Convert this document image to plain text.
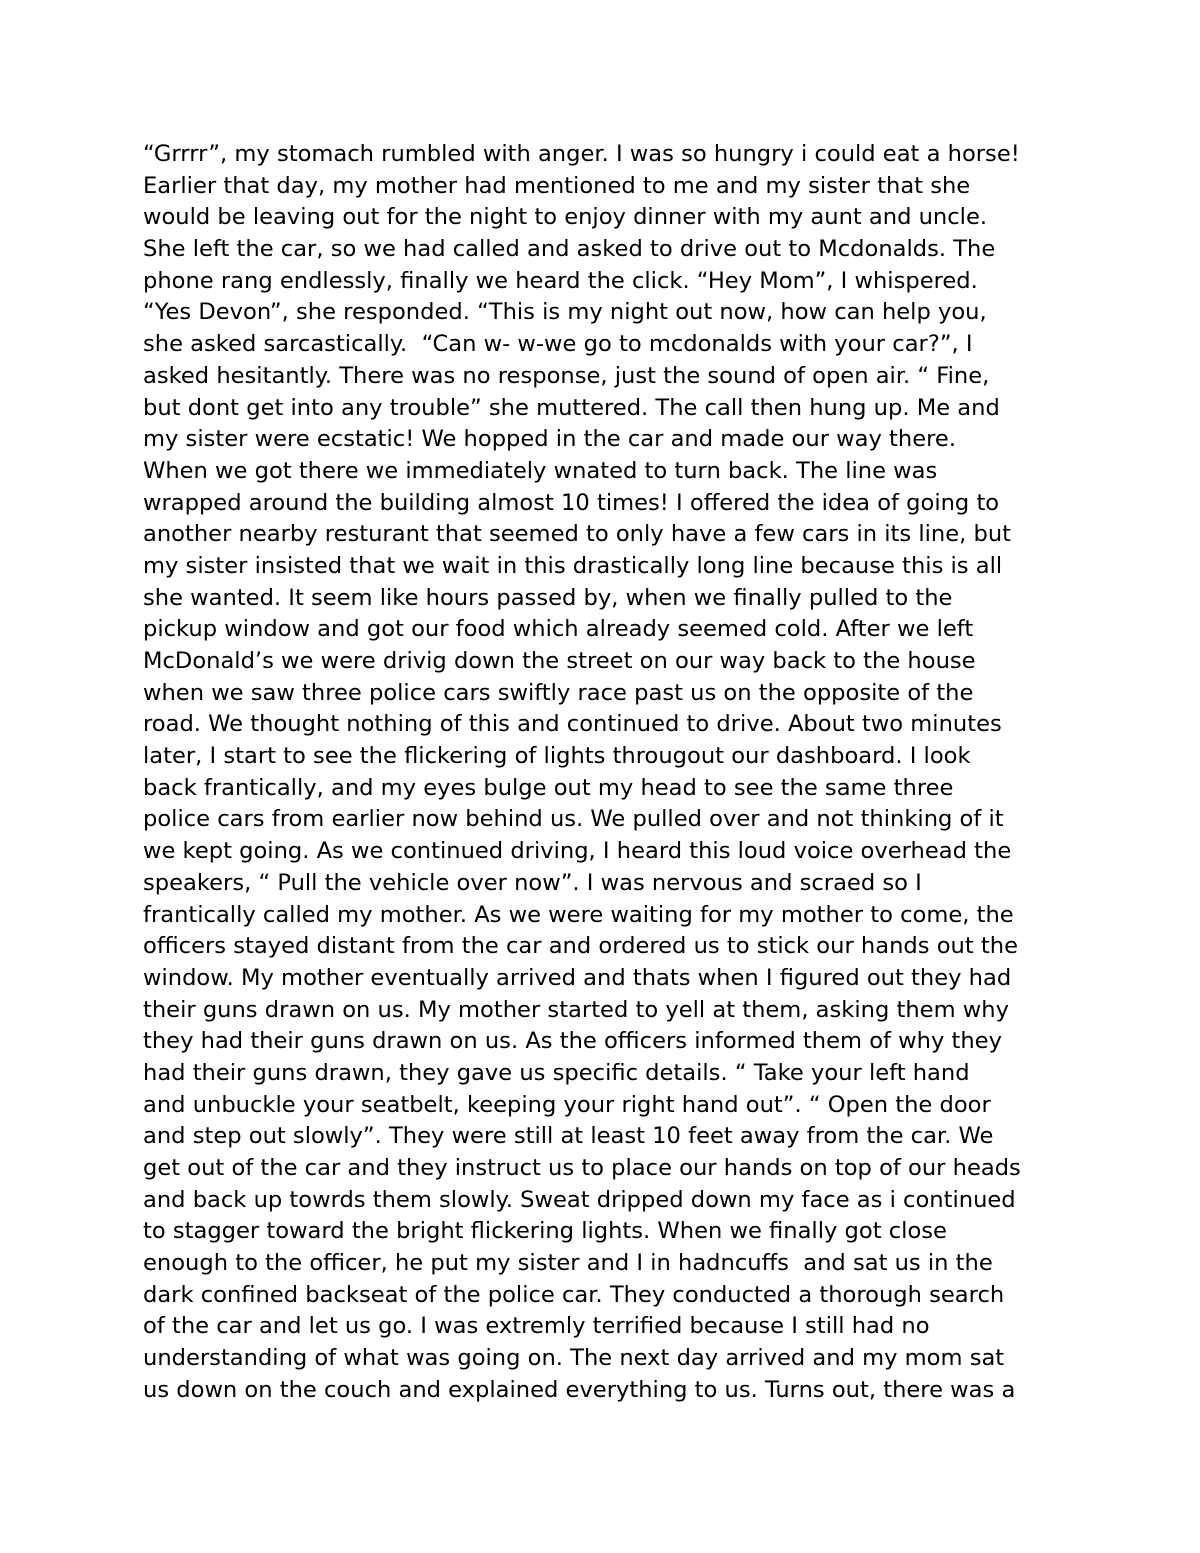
“Grrrr”, my stomach rumbled with anger. I was so hungry i could eat a horse!
Earlier that day, my mother had mentioned to me and my sister that she
would be leaving out for the night to enjoy dinner with my aunt and uncle.
She left the car, so we had called and asked to drive out to Mcdonalds. The
phone rang endlessly, finally we heard the click. “Hey Mom”, I whispered.
“Yes Devon”, she responded. “This is my night out now, how can help you,
she asked sarcastically.  “Can w- w-we go to mcdonalds with your car?”, I
asked hesitantly. There was no response, just the sound of open air. “ Fine,
but dont get into any trouble” she muttered. The call then hung up. Me and
my sister were ecstatic! We hopped in the car and made our way there.
When we got there we immediately wnated to turn back. The line was
wrapped around the building almost 10 times! I offered the idea of going to
another nearby resturant that seemed to only have a few cars in its line, but
my sister insisted that we wait in this drastically long line because this is all
she wanted. It seem like hours passed by, when we finally pulled to the
pickup window and got our food which already seemed cold. After we left
McDonald’s we were drivig down the street on our way back to the house
when we saw three police cars swiftly race past us on the opposite of the
road. We thought nothing of this and continued to drive. About two minutes
later, I start to see the flickering of lights througout our dashboard. I look
back frantically, and my eyes bulge out my head to see the same three
police cars from earlier now behind us. We pulled over and not thinking of it
we kept going. As we continued driving, I heard this loud voice overhead the
speakers, “ Pull the vehicle over now”. I was nervous and scraed so I
frantically called my mother. As we were waiting for my mother to come, the
officers stayed distant from the car and ordered us to stick our hands out the
window. My mother eventually arrived and thats when I figured out they had
their guns drawn on us. My mother started to yell at them, asking them why
they had their guns drawn on us. As the officers informed them of why they
had their guns drawn, they gave us specific details. “ Take your left hand
and unbuckle your seatbelt, keeping your right hand out”. “ Open the door
and step out slowly”. They were still at least 10 feet away from the car. We
get out of the car and they instruct us to place our hands on top of our heads
and back up towrds them slowly. Sweat dripped down my face as i continued
to stagger toward the bright flickering lights. When we finally got close
enough to the officer, he put my sister and I in hadncuffs  and sat us in the
dark confined backseat of the police car. They conducted a thorough search
of the car and let us go. I was extremly terrified because I still had no
understanding of what was going on. The next day arrived and my mom sat
us down on the couch and explained everything to us. Turns out, there was a
